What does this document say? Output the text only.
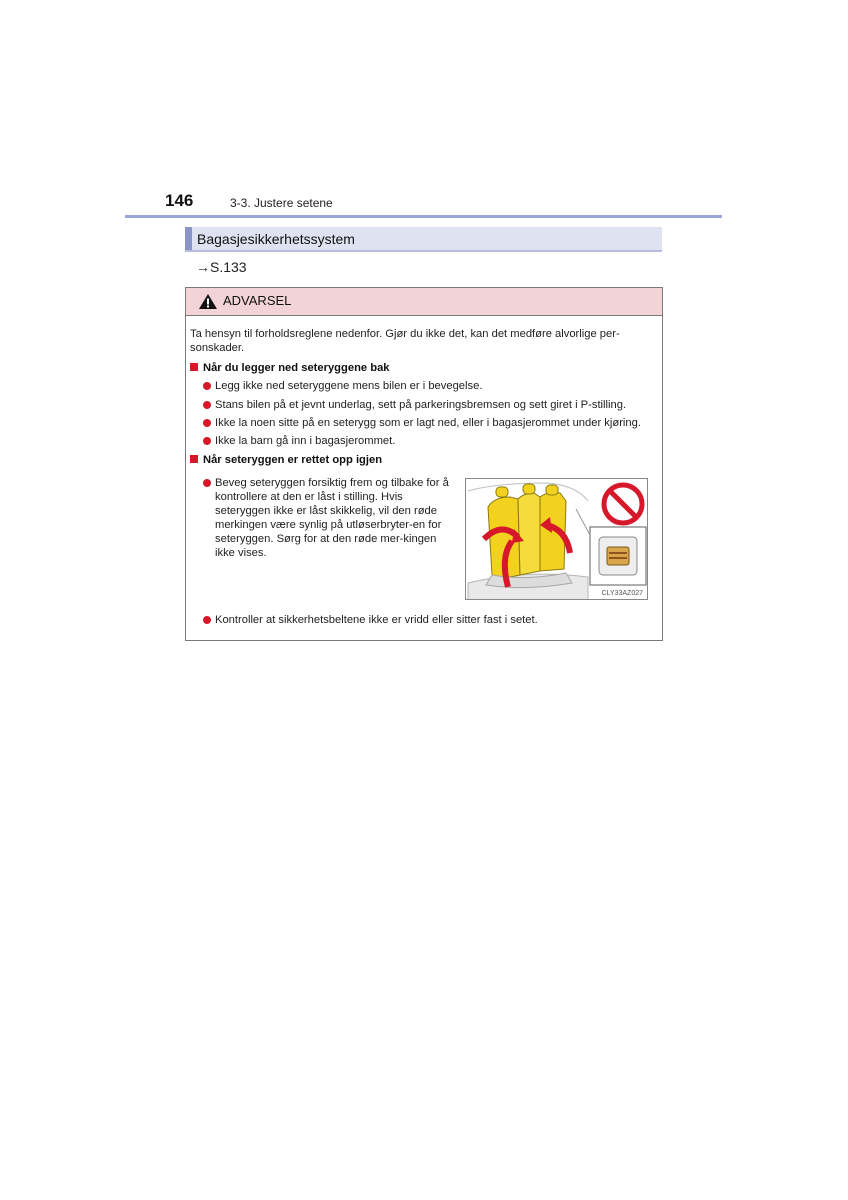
146	3-3. Justere setene
Bagasjesikkerhetssystem
→S.133
ADVARSEL
Ta hensyn til forholdsreglene nedenfor. Gjør du ikke det, kan det medføre alvorlige per-sonskader.
Når du legger ned seteryggene bak
Legg ikke ned seteryggene mens bilen er i bevegelse.
Stans bilen på et jevnt underlag, sett på parkeringsbremsen og sett giret i P-stilling.
Ikke la noen sitte på en seterygg som er lagt ned, eller i bagasjerommet under kjøring.
Ikke la barn gå inn i bagasjerommet.
Når seteryggen er rettet opp igjen
Beveg seteryggen forsiktig frem og tilbake for å kontrollere at den er låst i stilling. Hvis seteryggen ikke er låst skikkelig, vil den røde merkingen være synlig på utløserbryter-en for seteryggen. Sørg for at den røde mer-kingen ikke vises.
CLY33AZ027
Kontroller at sikkerhetsbeltene ikke er vridd eller sitter fast i setet.
